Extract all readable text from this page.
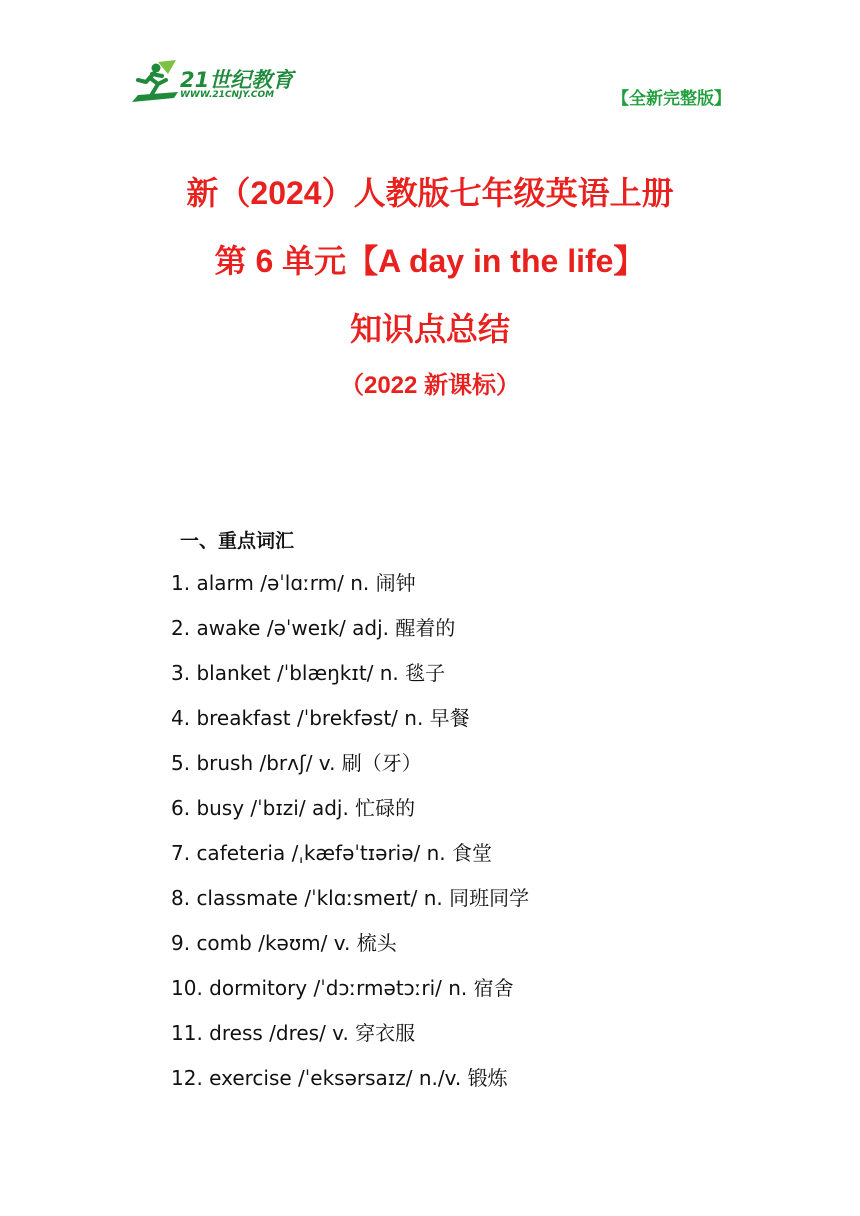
21世纪教育
WWW.21CNJY.COM	【全新完整版】
新（2024）人教版七年级英语上册
第 6 单元【A day in the life】
知识点总结
（2022 新课标）
一、重点词汇
1. alarm /əˈlɑːrm/ n. 闹钟
2. awake /əˈweɪk/ adj. 醒着的
3. blanket /ˈblæŋkɪt/ n. 毯子
4. breakfast /ˈbrekfəst/ n. 早餐
5. brush /brʌʃ/ v. 刷（牙）
6. busy /ˈbɪzi/ adj. 忙碌的
7. cafeteria /ˌkæfəˈtɪəriə/ n. 食堂
8. classmate /ˈklɑːsmeɪt/ n. 同班同学
9. comb /kəʊm/ v. 梳头
10. dormitory /ˈdɔːrmətɔːri/ n. 宿舍
11. dress /dres/ v. 穿衣服
12. exercise /ˈeksərsaɪz/ n./v. 锻炼
